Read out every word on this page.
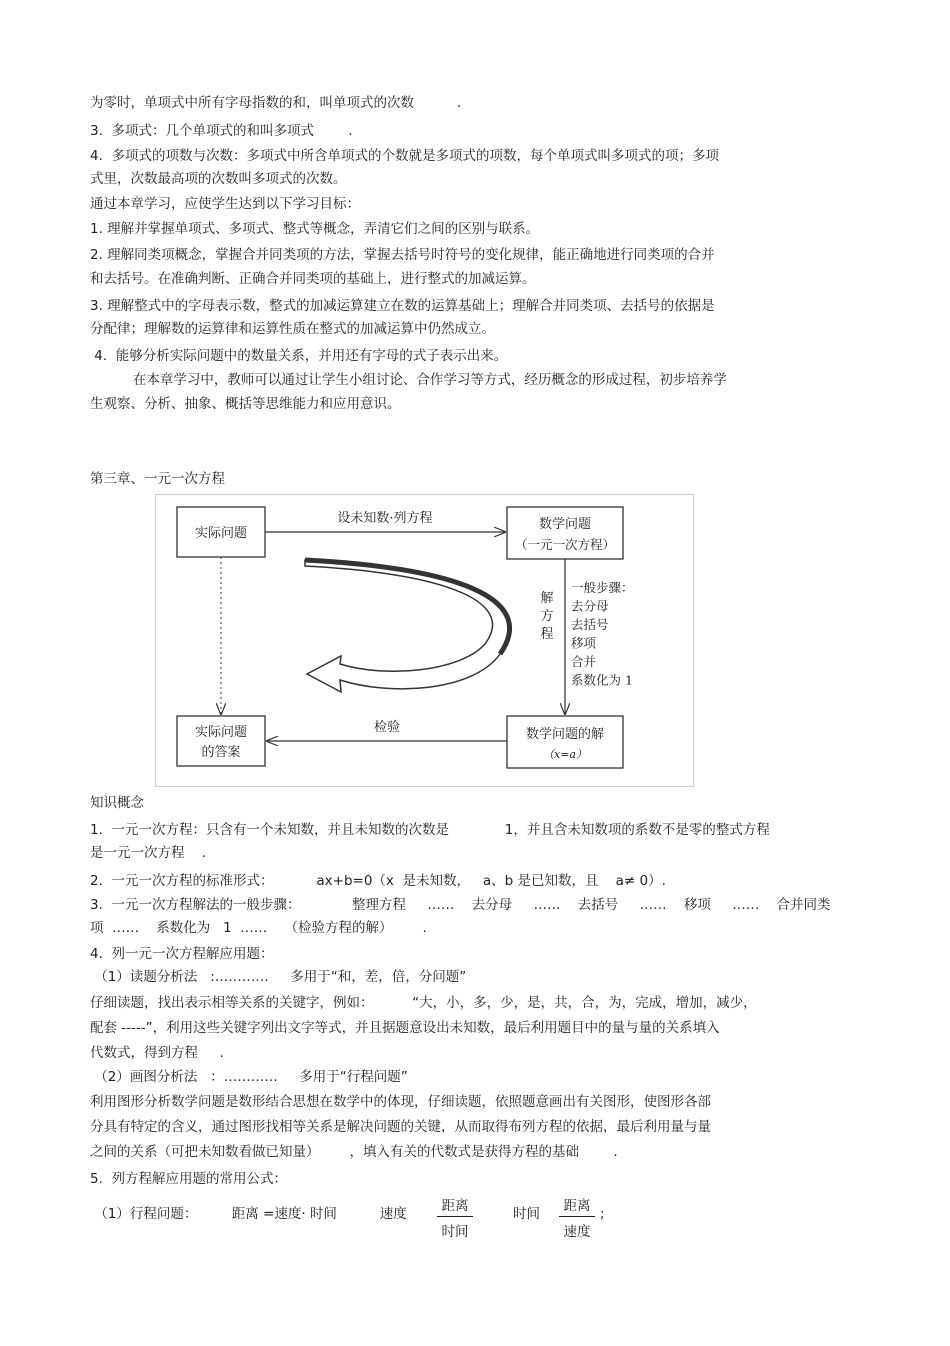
为零时，单项式中所有字母指数的和，叫单项式的次数          .
3.  多项式：几个单项式的和叫多项式        .
4.  多项式的项数与次数：多项式中所含单项式的个数就是多项式的项数，每个单项式叫多项式的项；多项
式里，次数最高项的次数叫多项式的次数。
通过本章学习，应使学生达到以下学习目标：
1. 理解并掌握单项式、多项式、整式等概念，弄清它们之间的区别与联系。
2. 理解同类项概念，掌握合并同类项的方法，掌握去括号时符号的变化规律，能正确地进行同类项的合并
和去括号。在准确判断、正确合并同类项的基础上，进行整式的加减运算。
3. 理解整式中的字母表示数，整式的加减运算建立在数的运算基础上；理解合并同类项、去括号的依据是
分配律；理解数的运算律和运算性质在整式的加减运算中仍然成立。
4.  能够分析实际问题中的数量关系，并用还有字母的式子表示出来。
在本章学习中，教师可以通过让学生小组讨论、合作学习等方式，经历概念的形成过程，初步培养学
生观察、分析、抽象、概括等思维能力和应用意识。
第三章、一元一次方程
实际问题
数学问题
（一元一次方程）
实际问题
的答案
数学问题的解
（x=a）
设未知数·列方程
检验
解
方
程
一般步骤：
去分母
去括号
移项
合并
系数化为 1
知识概念
1.  一元一次方程：只含有一个未知数，并且未知数的次数是             1，并且含未知数项的系数不是零的整式方程
是一元一次方程    .
2.  一元一次方程的标准形式：          ax+b=0（x  是未知数，   a、b 是已知数，且    a≠ 0）.
3.  一元一次方程解法的一般步骤：            整理方程     ……    去分母     ……    去括号     ……    移项     ……    合并同类
项  ……    系数化为   1  ……    （检验方程的解）       .
4.  列一元一次方程解应用题：
（1）读题分析法   :…………     多用于“和，差，倍，分问题”
仔细读题，找出表示相等关系的关键字，例如：         “大，小，多，少，是，共，合，为，完成，增加，减少，
配套 -----”，利用这些关键字列出文字等式，并且据题意设出未知数，最后利用题目中的量与量的关系填入
代数式，得到方程     .
（2）画图分析法   ：…………     多用于“行程问题”
利用图形分析数学问题是数形结合思想在数学中的体现，仔细读题，依照题意画出有关图形，使图形各部
分具有特定的含义，通过图形找相等关系是解决问题的关键，从而取得布列方程的依据，最后利用量与量
之间的关系（可把未知数看做已知量）       ，填入有关的代数式是获得方程的基础        .
5.  列方程解应用题的常用公式：
（1）行程问题：        距离 =速度· 时间          速度	距离
时间
时间	距离
速度
;
